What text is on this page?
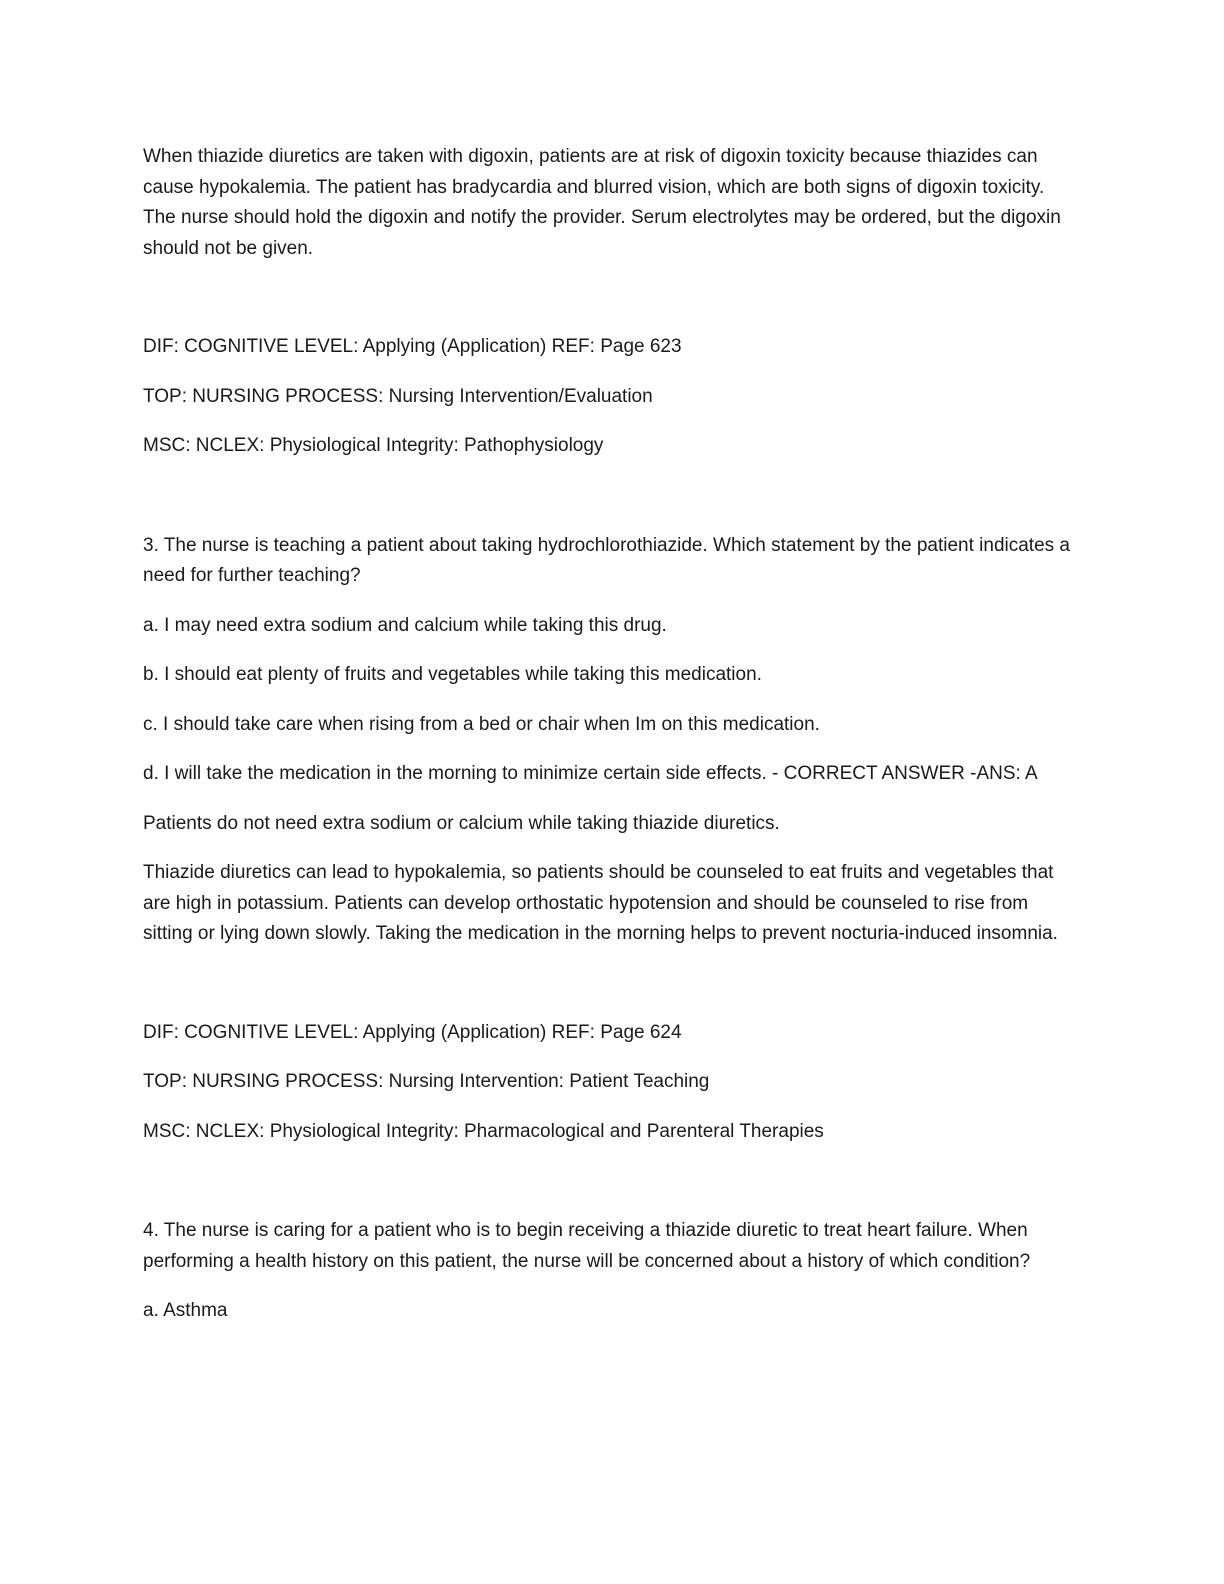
When thiazide diuretics are taken with digoxin, patients are at risk of digoxin toxicity because thiazides can cause hypokalemia. The patient has bradycardia and blurred vision, which are both signs of digoxin toxicity. The nurse should hold the digoxin and notify the provider. Serum electrolytes may be ordered, but the digoxin should not be given.

DIF: COGNITIVE LEVEL: Applying (Application) REF: Page 623

TOP: NURSING PROCESS: Nursing Intervention/Evaluation

MSC: NCLEX: Physiological Integrity: Pathophysiology

3. The nurse is teaching a patient about taking hydrochlorothiazide. Which statement by the patient indicates a need for further teaching?

a. I may need extra sodium and calcium while taking this drug.

b. I should eat plenty of fruits and vegetables while taking this medication.

c. I should take care when rising from a bed or chair when Im on this medication.

d. I will take the medication in the morning to minimize certain side effects. - CORRECT ANSWER -ANS: A

Patients do not need extra sodium or calcium while taking thiazide diuretics.

Thiazide diuretics can lead to hypokalemia, so patients should be counseled to eat fruits and vegetables that are high in potassium. Patients can develop orthostatic hypotension and should be counseled to rise from sitting or lying down slowly. Taking the medication in the morning helps to prevent nocturia-induced insomnia.

DIF: COGNITIVE LEVEL: Applying (Application) REF: Page 624

TOP: NURSING PROCESS: Nursing Intervention: Patient Teaching

MSC: NCLEX: Physiological Integrity: Pharmacological and Parenteral Therapies

4. The nurse is caring for a patient who is to begin receiving a thiazide diuretic to treat heart failure. When performing a health history on this patient, the nurse will be concerned about a history of which condition?

a. Asthma
